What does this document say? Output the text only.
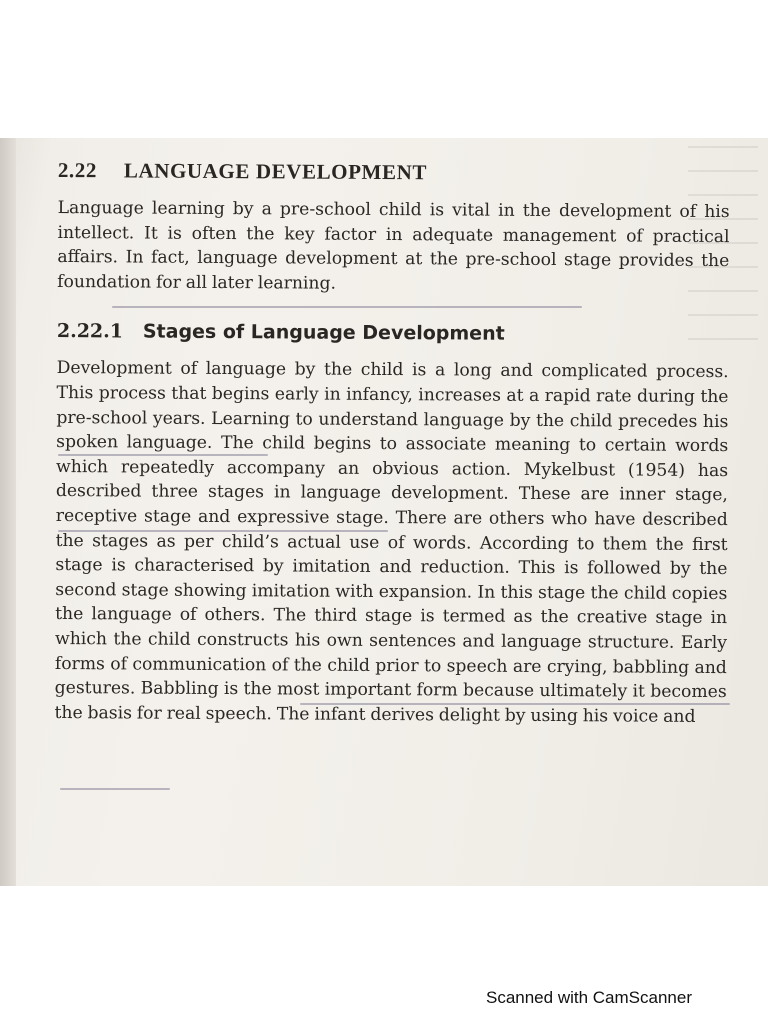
2.22 LANGUAGE DEVELOPMENT

Language learning by a pre-school child is vital in the development of his intellect. It is often the key factor in adequate management of practical affairs. In fact, language development at the pre-school stage provides the foundation for all later learning.

2.22.1 Stages of Language Development

Development of language by the child is a long and complicated process. This process that begins early in infancy, increases at a rapid rate during the pre-school years. Learning to understand language by the child precedes his spoken language. The child begins to associate meaning to certain words which repeatedly accompany an obvious action. Mykelbust (1954) has described three stages in language development. These are inner stage, receptive stage and expressive stage. There are others who have described the stages as per child’s actual use of words. According to them the first stage is characterised by imitation and reduction. This is followed by the second stage showing imitation with expansion. In this stage the child copies the language of others. The third stage is termed as the creative stage in which the child constructs his own sentences and language structure. Early forms of communication of the child prior to speech are crying, babbling and gestures. Babbling is the most important form because ultimately it becomes the basis for real speech. The infant derives delight by using his voice and

Scanned with CamScanner
